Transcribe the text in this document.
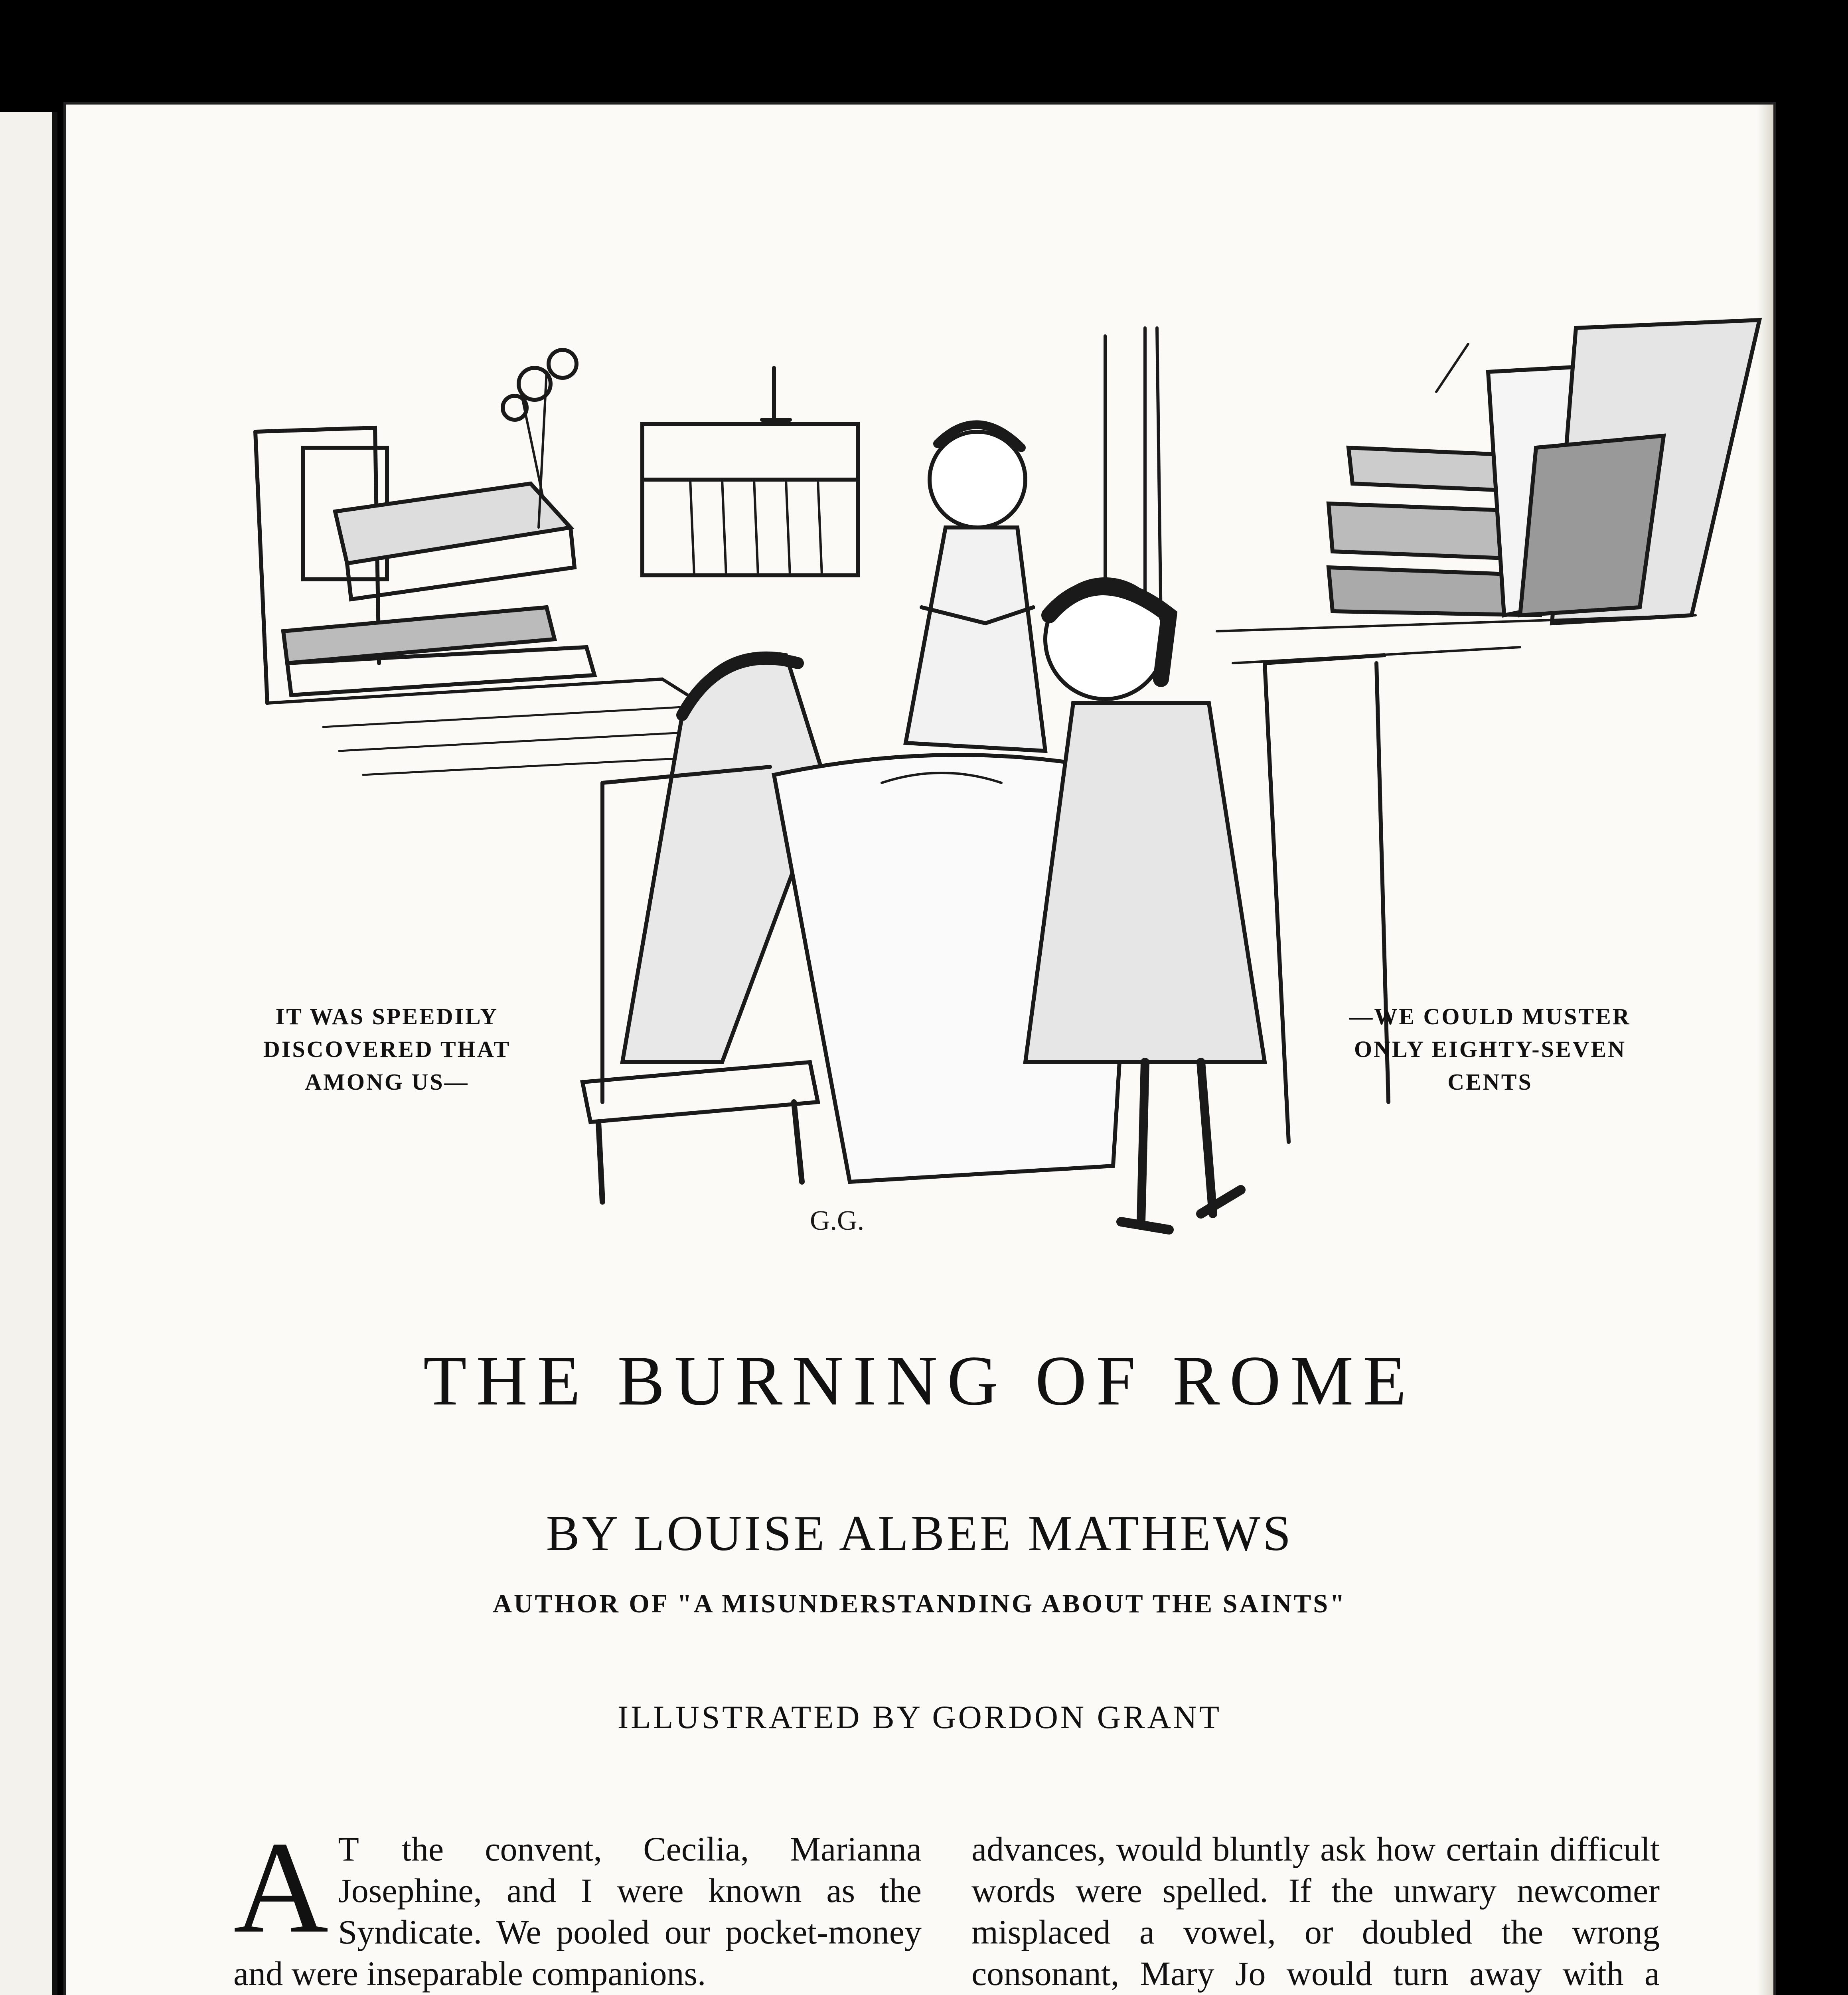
G.G.
IT WAS SPEEDILY DISCOVERED THAT AMONG US—
—WE COULD MUSTER ONLY EIGHTY-SEVEN CENTS
THE BURNING OF ROME
BY LOUISE ALBEE MATHEWS
AUTHOR OF "A MISUNDERSTANDING ABOUT THE SAINTS"
ILLUSTRATED BY GORDON GRANT

A T the convent, Cecilia, Marianna Josephine, and I were known as the Syndicate. We pooled our pocket-money and were inseparable companions.

advances, would bluntly ask how certain difficult words were spelled. If the unwary newcomer misplaced a vowel, or doubled the wrong consonant, Mary Jo would turn away with a
